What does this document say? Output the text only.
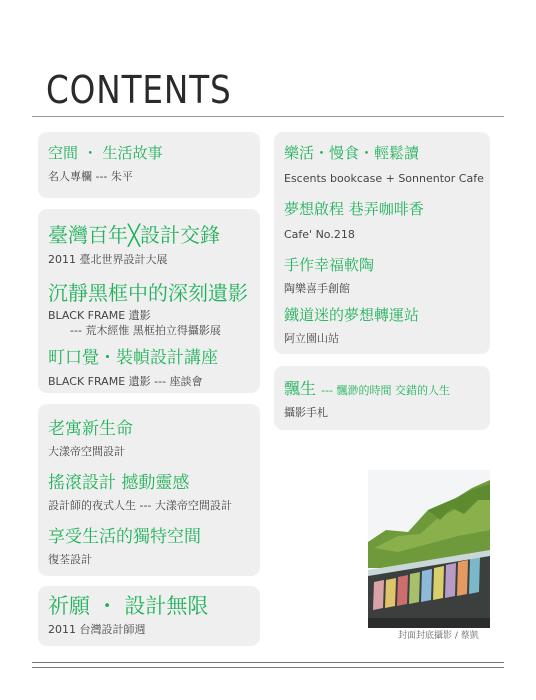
CONTENTS
空間 ・ 生活故事
名人專欄 --- 朱平
臺灣百年╳設計交鋒
2011 臺北世界設計大展
沉靜黑框中的深刻遺影
BLACK FRAME 遺影
--- 荒木經惟 黑框拍立得攝影展
町口覺・裝幀設計講座
BLACK FRAME 遺影 --- 座談會
老寓新生命
大漾帝空間設計
搖滾設計 撼動靈感
設計師的夜式人生 --- 大漾帝空間設計
享受生活的獨特空間
復荃設計
祈願 ・ 設計無限
2011 台灣設計師週
樂活・慢食・輕鬆讀
Escents bookcase + Sonnentor Cafe
夢想啟程 巷弄咖啡香
Cafe' No.218
手作幸福軟陶
陶樂喜手創館
鐵道迷的夢想轉運站
阿立園山站
飄生 --- 飄渺的時間 交錯的人生
攝影手札
封面封底攝影 / 蔡凱
